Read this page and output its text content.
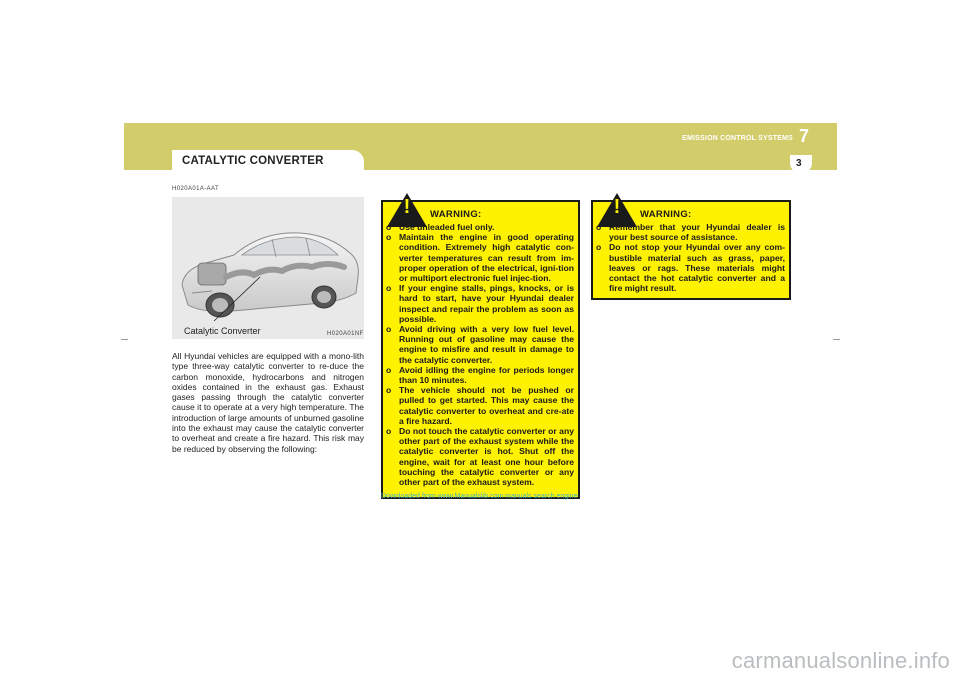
CATALYTIC CONVERTER
EMISSION CONTROL SYSTEMS 7
3
H020A01A-AAT
Catalytic Converter	H020A01NF
All Hyundai vehicles are equipped with a mono-lith type three-way catalytic converter to re-duce the carbon monoxide, hydrocarbons and nitrogen oxides contained in the exhaust gas. Exhaust gases passing through the catalytic converter cause it to operate at a very high temperature. The introduction of large amounts of unburned gasoline into the exhaust may cause the catalytic converter to overheat and create a fire hazard. This risk may be reduced by observing the following:
!	WARNING:
o Use unleaded fuel only.
o Maintain the engine in good operating condition. Extremely high catalytic con-verter temperatures can result from im-proper operation of the electrical, igni-tion or multiport electronic fuel injec-tion.
o If your engine stalls, pings, knocks, or is hard to start, have your Hyundai dealer inspect and repair the problem as soon as possible.
o Avoid driving with a very low fuel level. Running out of gasoline may cause the engine to misfire and result in damage to the catalytic converter.
o Avoid idling the engine for periods longer than 10 minutes.
o The vehicle should not be pushed or pulled to get started. This may cause the catalytic converter to overheat and cre-ate a fire hazard.
o Do not touch the catalytic converter or any other part of the exhaust system while the catalytic converter is hot. Shut off the engine, wait for at least one hour before touching the catalytic converter or any other part of the exhaust system.
!	WARNING:
o Remember that your Hyundai dealer is your best source of assistance.
o Do not stop your Hyundai over any com-bustible material such as grass, paper, leaves or rags. These materials might contact the hot catalytic converter and a fire might result.
Downloaded from www.Manualslib.com manuals search engine
carmanualsonline.info
